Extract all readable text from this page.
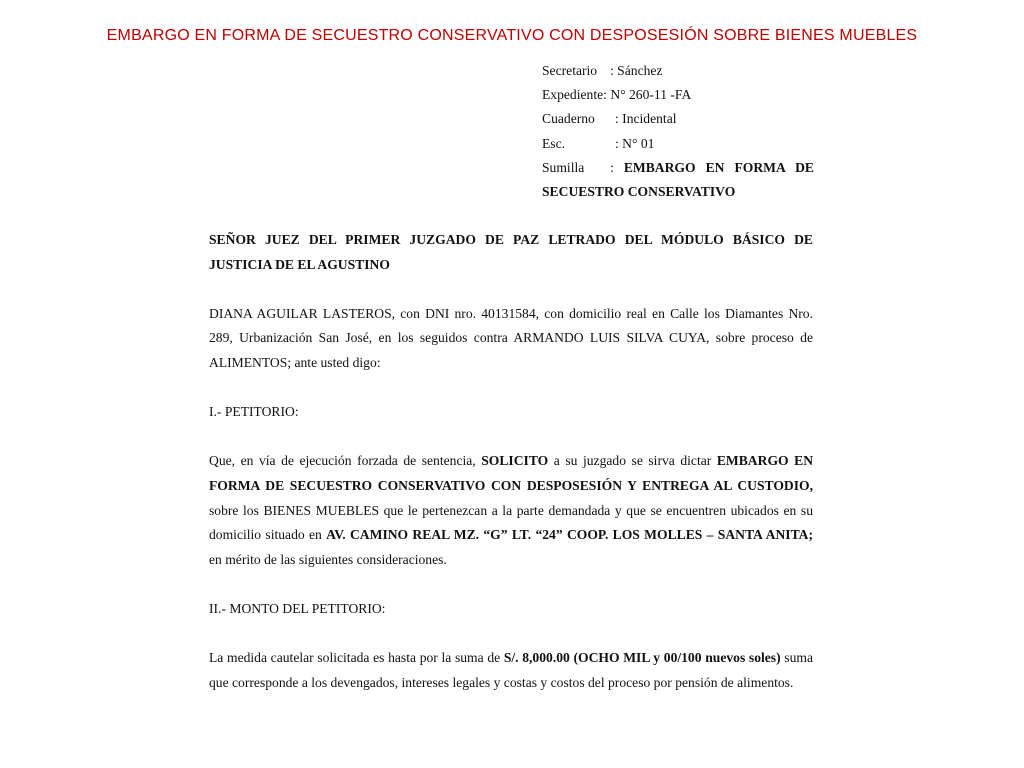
EMBARGO EN FORMA DE SECUESTRO CONSERVATIVO CON DESPOSESIÓN SOBRE BIENES MUEBLES
Secretario : Sánchez
Expediente: N° 260-11 -FA
Cuaderno : Incidental
Esc.	: N° 01
Sumilla : EMBARGO EN FORMA DE
SECUESTRO CONSERVATIVO

SEÑOR JUEZ DEL PRIMER JUZGADO DE PAZ LETRADO DEL MÓDULO BÁSICO DE JUSTICIA DE EL AGUSTINO

DIANA AGUILAR LASTEROS, con DNI nro. 40131584, con domicilio real en Calle los Diamantes Nro. 289, Urbanización San José, en los seguidos contra ARMANDO LUIS SILVA CUYA, sobre proceso de ALIMENTOS; ante usted digo:

I.- PETITORIO:

Que, en vía de ejecución forzada de sentencia, SOLICITO a su juzgado se sirva dictar EMBARGO EN FORMA DE SECUESTRO CONSERVATIVO CON DESPOSESIÓN Y ENTREGA AL CUSTODIO, sobre los BIENES MUEBLES que le pertenezcan a la parte demandada y que se encuentren ubicados en su domicilio situado en AV. CAMINO REAL MZ. “G” LT. “24” COOP. LOS MOLLES – SANTA ANITA; en mérito de las siguientes consideraciones.

II.- MONTO DEL PETITORIO:

La medida cautelar solicitada es hasta por la suma de S/. 8,000.00 (OCHO MIL y 00/100 nuevos soles) suma que corresponde a los devengados, intereses legales y costas y costos del proceso por pensión de alimentos.
